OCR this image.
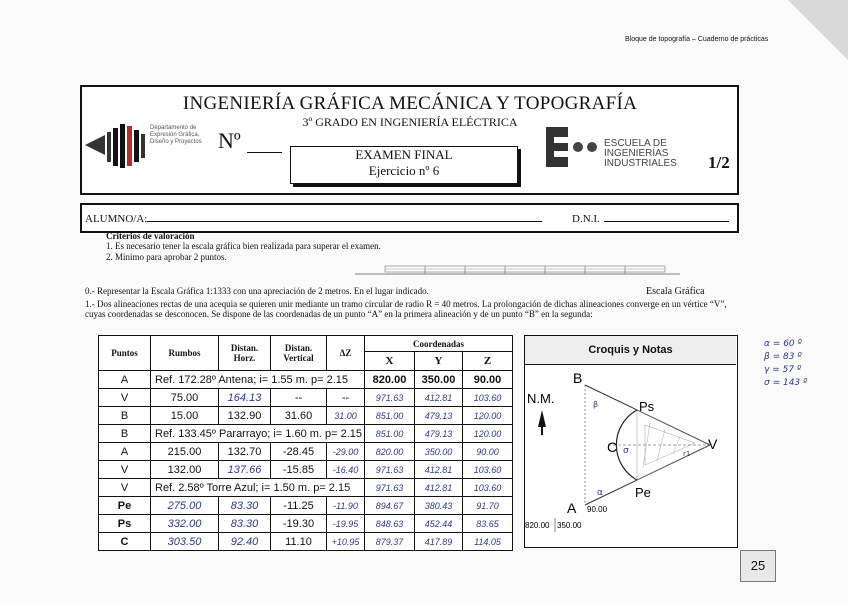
Bloque de topografía – Cuaderno de prácticas
INGENIERÍA GRÁFICA MECÁNICA Y TOPOGRAFÍA
3º GRADO EN INGENIERÍA ELÉCTRICA
Departamento de
Expresión Gráfica,
Diseño y Proyectos Nº
EXAMEN FINAL
Ejercicio nº 6
ESCUELA DE
INGENIERÍAS
INDUSTRIALES 1/2
ALUMNO/A:	D.N.I.
Criterios de valoración
1. Es necesario tener la escala gráfica bien realizada para superar el examen.
2. Mínimo para aprobar 2 puntos.
0.- Representar la Escala Gráfica 1:1333 con una apreciación de 2 metros. En el lugar indicado.	Escala Gráfica
1.- Dos alineaciones rectas de una acequia se quieren unir mediante un tramo circular de radio R = 40 metros. La prolongación de dichas alineaciones converge en un vértice “V”, cuyas coordenadas se desconocen. Se dispone de las coordenadas de un punto “A” en la primera alineación y de un punto “B” en la segunda:
Puntos	Rumbos	Distan. Horz.	Distan. Vertical	ΔZ	Coordenadas		
					X	Y	Z
A	Ref. 172.28º Antena; i= 1.55 m. p= 2.15				820.00	350.00	90.00
V	75.00	164.13	--	--	971.63	412.81	103.60
B	15.00	132.90	31.60	31.00	851.00	479.13	120.00
B	Ref. 133.45º Pararrayo; i= 1.60 m. p= 2.15				851.00	479.13	120.00
A	215.00	132.70	-28.45	-29.00	820.00	350.00	90.00
V	132.00	137.66	-15.85	-16.40	971.63	412.81	103.60
V	Ref. 2.58º Torre Azul; i= 1.50 m. p= 2.15				971.63	412.81	103.60
Pe	275.00	83.30	-11.25	-11.90	894.67	380.43	91.70
Ps	332.00	83.30	-19.30	-19.95	848.63	452.44	83.65
C	303.50	92.40	11.10	+10.95	879.37	417.89	114.05
Croquis y Notas
N.M.
B
Ps
C	V
Pe
A
β
σ
α
r1
90.00
820.00 350.00
α = 60 º
β = 83 º
γ = 57 º
σ = 143 º
25
